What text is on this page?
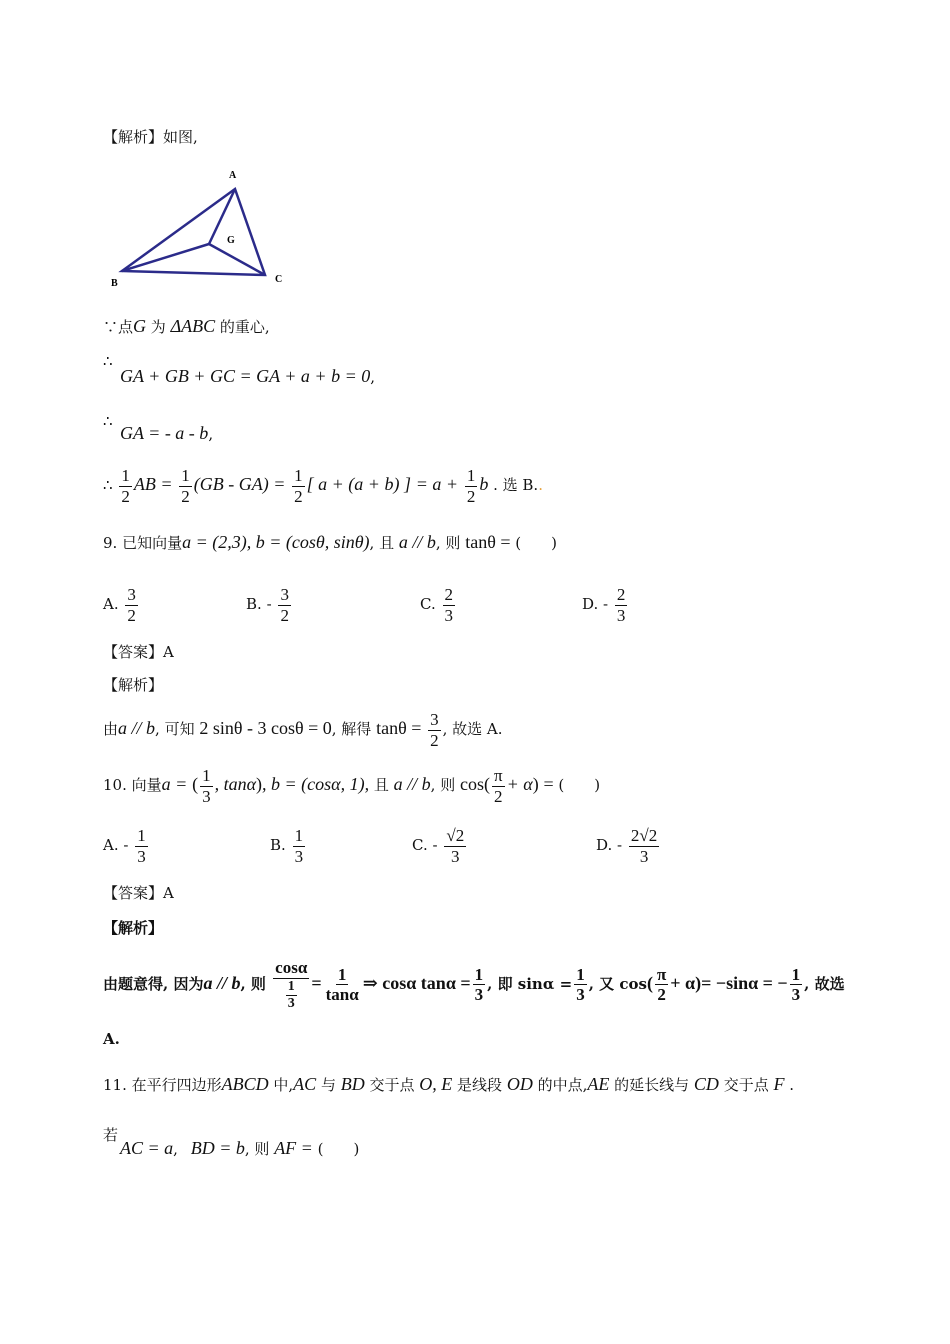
【解析】如图,
A
G
B	C
∵点G 为 ΔABC 的重心,
∴
GA + GB + GC = GA + a + b = 0,
∴
GA = - a - b,
∴ $\frac{1}{2}$ AB = $\frac{1}{2} (GB - GA) = \frac{1}{2}$ [ a + (a + b) ] = $a + \frac{1}{2}$ b . 选 B..
9. 已知向量a = (2,3), b = (cosθ, sinθ), 且 a // b, 则 tanθ = (　　)
A. $\frac{3}{2}$	B. - $\frac{3}{2}$	C. $\frac{2}{3}$	D. - $\frac{2}{3}$
【答案】A
【解析】
由a // b, 可知 2 sinθ - 3 cosθ = 0, 解得 $\tan\theta = \frac{3}{2}$ , 故选 A.
10. 向量a = ( $\frac{1}{3}$ , tanα), b = (cosα, 1), 且 a // b, 则 $\cos( \frac{\pi}{2} + \alpha)$ = (　　)
A. - $\frac{1}{3}$	B. $\frac{1}{3}$	C. - $\frac{√2}{3}$	D. - $\frac{2√2}{3}$
【答案】A
【解析】
由题意得, 因为a // b, 则 $\frac{\cos\alpha}{\frac{1}{3}} = \frac{1}{\tan\alpha}$ ⇒ cosα $\tan\alpha = \frac{1}{3}$ , 即 $\sin\alpha = \frac{1}{3}$ , 又 $\cos( \frac{\pi}{2} + \alpha)= -\sin\alpha$ = − $\frac{1}{3}$ , 故选
A.
11. 在平行四边形ABCD 中,AC 与 BD 交于点 O, E 是线段 OD 的中点,AE 的延长线与 CD 交于点 F .
若
AC = a, BD = b, 则 AF = (　　)
